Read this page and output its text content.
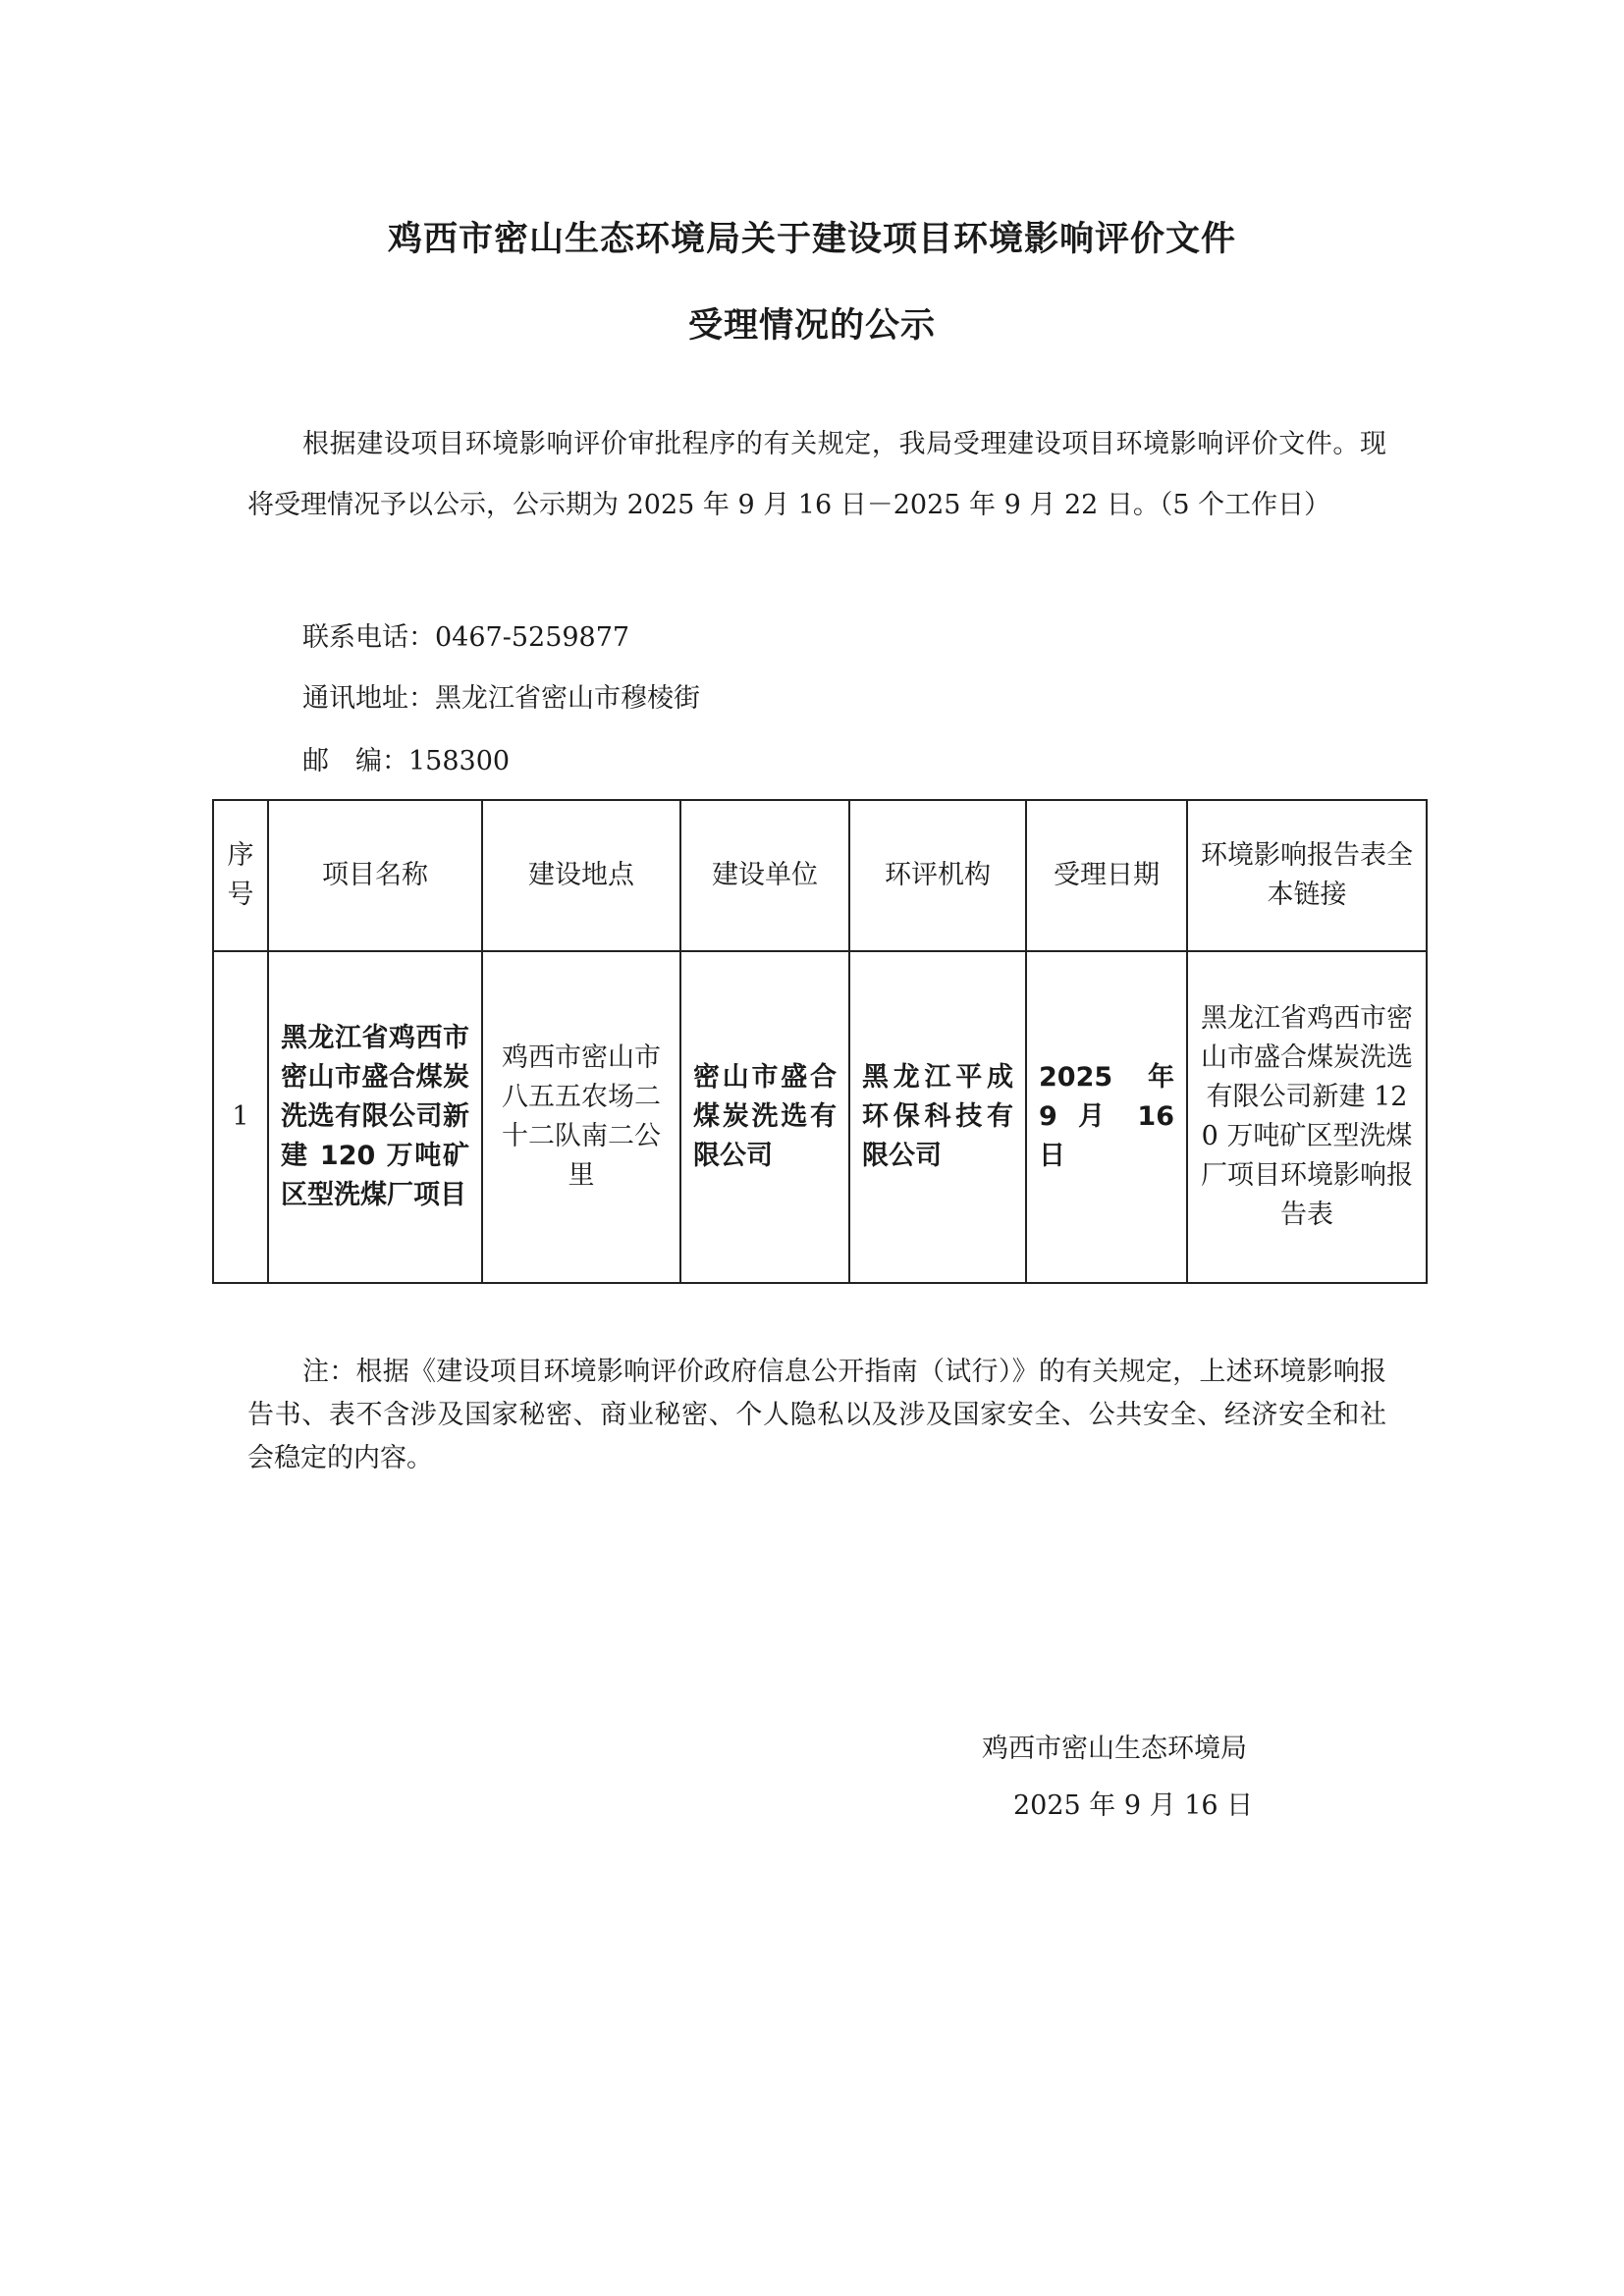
鸡西市密山生态环境局关于建设项目环境影响评价文件
受理情况的公示
根据建设项目环境影响评价审批程序的有关规定，我局受理建设项目环境影响评价文件。现将受理情况予以公示，公示期为 2025 年 9 月 16 日－2025 年 9 月 22 日。（5 个工作日）
联系电话：0467-5259877
通讯地址：黑龙江省密山市穆棱街
邮　编：158300
序号	项目名称	建设地点	建设单位	环评机构	受理日期	环境影响报告表全本链接
1	黑龙江省鸡西市密山市盛合煤炭洗选有限公司新建 120 万吨矿区型洗煤厂项目	鸡西市密山市八五五农场二十二队南二公里	密山市盛合煤炭洗选有限公司	黑龙江平成环保科技有限公司	2025 年 9 月 16 日	黑龙江省鸡西市密山市盛合煤炭洗选有限公司新建 120 万吨矿区型洗煤厂项目环境影响报告表
注：根据《建设项目环境影响评价政府信息公开指南（试行）》的有关规定，上述环境影响报告书、表不含涉及国家秘密、商业秘密、个人隐私以及涉及国家安全、公共安全、经济安全和社会稳定的内容。
鸡西市密山生态环境局
2025 年 9 月 16 日
